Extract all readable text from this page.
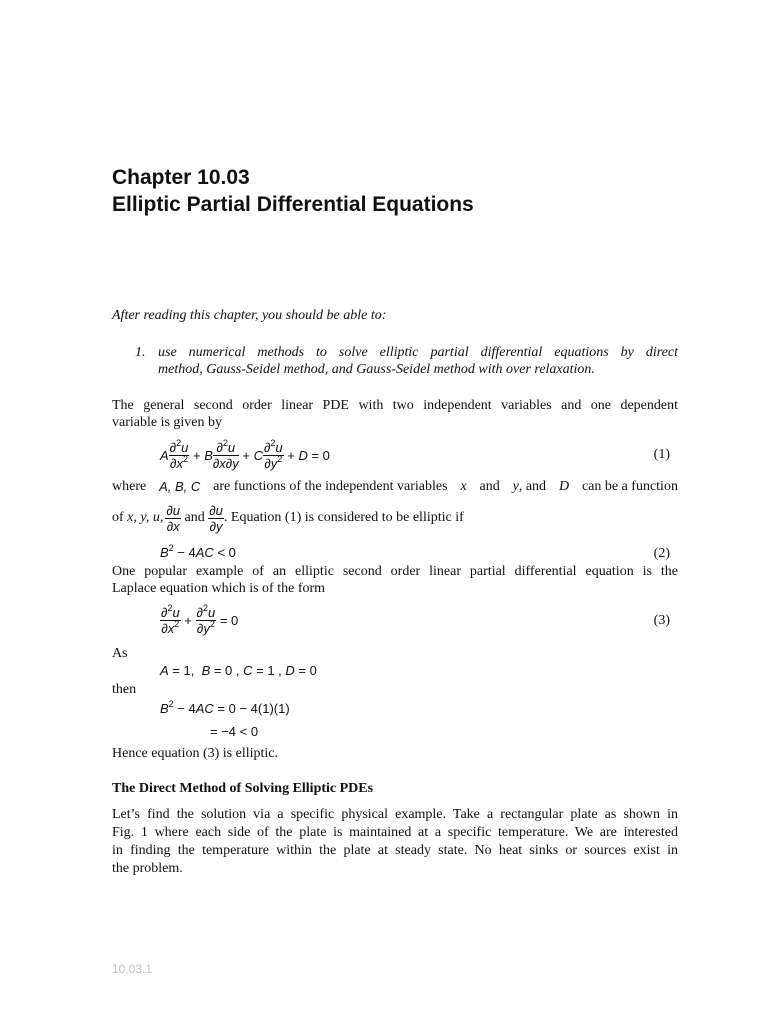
Chapter 10.03
Elliptic Partial Differential Equations
After reading this chapter, you should be able to:
1. use numerical methods to solve elliptic partial differential equations by direct
method, Gauss-Seidel method, and Gauss-Seidel method with over relaxation.
The general second order linear PDE with two independent variables and one dependent
variable is given by
A $\frac{\partial^2u}{\partial x^2} + B \frac{\partial^2u}{\partial x\partial y} + C \frac{\partial^2u}{\partial y^2} + D = 0$	(1)
where A, B, C are functions of the independent variables x and y, and D can be a function
of
x, y, u, $\frac{\partial u}{\partial x}$
and
$\frac{\partial u}{\partial y}$ . Equation (1) is considered to be elliptic if
$B^2 - 4AC < 0$	(2)
One popular example of an elliptic second order linear partial differential equation is the
Laplace equation which is of the form
$\frac{\partial^2u}{\partial x^2} + \frac{\partial^2u}{\partial y^2} = 0$	(3)
As
A = 1,  B = 0 , C = 1 , D = 0
then
$B^2 - 4AC = 0 - 4(1)(1)$
= −4 < 0
Hence equation (3) is elliptic.
The Direct Method of Solving Elliptic PDEs
Let’s find the solution via a specific physical example. Take a rectangular plate as shown in
Fig. 1 where each side of the plate is maintained at a specific temperature. We are interested
in finding the temperature within the plate at steady state. No heat sinks or sources exist in
the problem.
10.03.1
